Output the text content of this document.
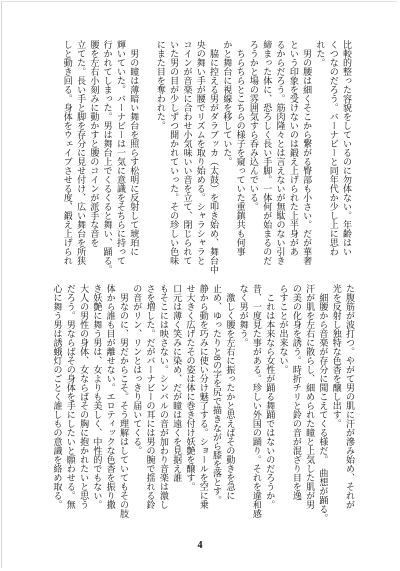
比較的整った容貌をしているのに勿体ない。年齢はい
くつなのだろう。バーナビーと同年代か少し上に思わ
れた。
　男の腰は細くそこから繋がる臀部も小さい。だが華奢
という印象を受けないのは鍛え上げられた上半身があ
るからだろう。筋肉隆々とは言えないが無駄のない引き
締まった体に、恐ろしく長い手脚。一体何が始まるのだ
ろうかと場の雰囲気すら呑み込んでいる。
　ちらちらとこちらの様子を窺っていた重鎮共も何事
かと舞台に視線を移していた。
　脇に控える男がダラブッカ（太鼓）を叩き始め、舞台中
央の舞い手が腰でリズムを取り始める。シャラシャラと
コインが音楽に合わせ小気味いい音を立て、閉じられて
いた男の目が少しずつ開かれていった。その珍しい色味
にまた目を奪われた。
　男の瞳は薄暗い舞台を照らす松明に反射して琥珀に
輝いていた。バーナビーは一気に意識をそちらに持って
行かれてしまった。男は舞台上でくるくると舞い、踊る。
腰を左右小刻みに動かすと腰のコインが派手な音を
立てた。長い手と脚を存分に見せ付け、広い舞台を所狭
しと動き回る。身体をウェイブさせる度、鍛え上げられ
た腹筋が波打つ。やがて男の肌に汗が滲み始め、それが
光を反射し独特な色香を醸し出す。
　細腰から音楽が存分に聞こえてくる様だ。　曲想が踊る。
汗が肌を左右に散らし、細められた瞳と上気した肌が男
の美の化身を誘う。時折チリと鈴の音が混ざり目を逸
らすことが出来ない。
　これは本来なら女性が踊る舞踊ではないのだろうか。
昔、一度見た事がある。珍しい外国の踊り。それを違和感
なく男が舞う。
　激しく腰を左右に振ったかと思えばその動きを急に
止め、ゆったりと8の字を尻で描きながら膝を落とす。
静から動を巧みに使い分け魅了する。ショールを空に乗
せ大きく広げたその姿は体に巻き付け妖艶を醸す。
口元は薄く笑みに染め、だが瞳は遠くを見据え誰
もそこには映さない。シンバルの音が加わり音楽は激し
さを増した。だがバーナビーの耳には男の腕で揺れる鈴
の音がリン、リンとはっきり届いてくる。
　男なのに、男だからこそ。そう理解はしていてもその肢
体から誰も目が離せない。エロティックな色香を振り撒
き妖艶に舞う男は、女よりも美しく、中性的でもない。
大人の男性の身体、女ならばその胸に抱かれたいと思う
だろう。男ならばその身体を手にしたいと願わせる。無
心に舞う男は誘蛾灯のごとく誰しもの意識を絡め取る。
4
